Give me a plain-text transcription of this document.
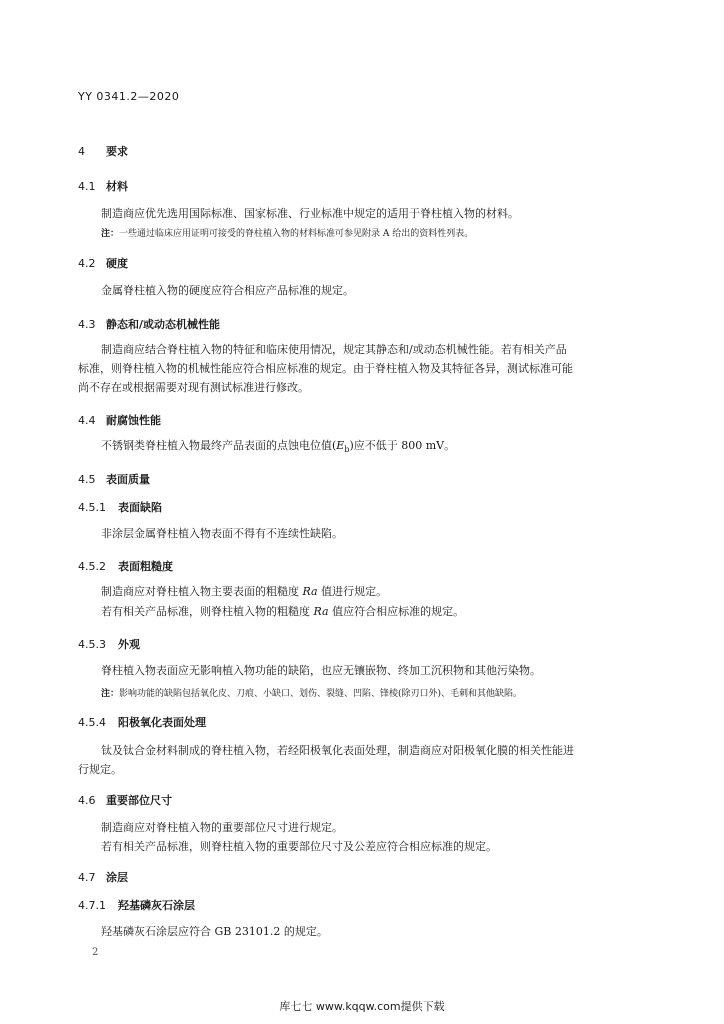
YY 0341.2—2020
4 要求
4.1 材料
制造商应优先选用国际标准、国家标准、行业标准中规定的适用于脊柱植入物的材料。
注：一些通过临床应用证明可接受的脊柱植入物的材料标准可参见附录 A 给出的资料性列表。
4.2 硬度
金属脊柱植入物的硬度应符合相应产品标准的规定。
4.3 静态和/或动态机械性能
制造商应结合脊柱植入物的特征和临床使用情况，规定其静态和/或动态机械性能。若有相关产品
标准，则脊柱植入物的机械性能应符合相应标准的规定。由于脊柱植入物及其特征各异，测试标准可能
尚不存在或根据需要对现有测试标准进行修改。
4.4 耐腐蚀性能
不锈钢类脊柱植入物最终产品表面的点蚀电位值$(E_b)$应不低于 800 mV。
4.5 表面质量
4.5.1 表面缺陷
非涂层金属脊柱植入物表面不得有不连续性缺陷。
4.5.2 表面粗糙度
制造商应对脊柱植入物主要表面的粗糙度 Ra 值进行规定。
若有相关产品标准，则脊柱植入物的粗糙度 Ra 值应符合相应标准的规定。
4.5.3 外观
脊柱植入物表面应无影响植入物功能的缺陷，也应无镶嵌物、终加工沉积物和其他污染物。
注：影响功能的缺陷包括氧化皮、刀痕、小缺口、划伤、裂缝、凹陷、锋棱(除刃口外)、毛刺和其他缺陷。
4.5.4 阳极氧化表面处理
钛及钛合金材料制成的脊柱植入物，若经阳极氧化表面处理，制造商应对阳极氧化膜的相关性能进
行规定。
4.6 重要部位尺寸
制造商应对脊柱植入物的重要部位尺寸进行规定。
若有相关产品标准，则脊柱植入物的重要部位尺寸及公差应符合相应标准的规定。
4.7 涂层
4.7.1 羟基磷灰石涂层
羟基磷灰石涂层应符合 GB 23101.2 的规定。
2
库七七 www.kqqw.com提供下载
